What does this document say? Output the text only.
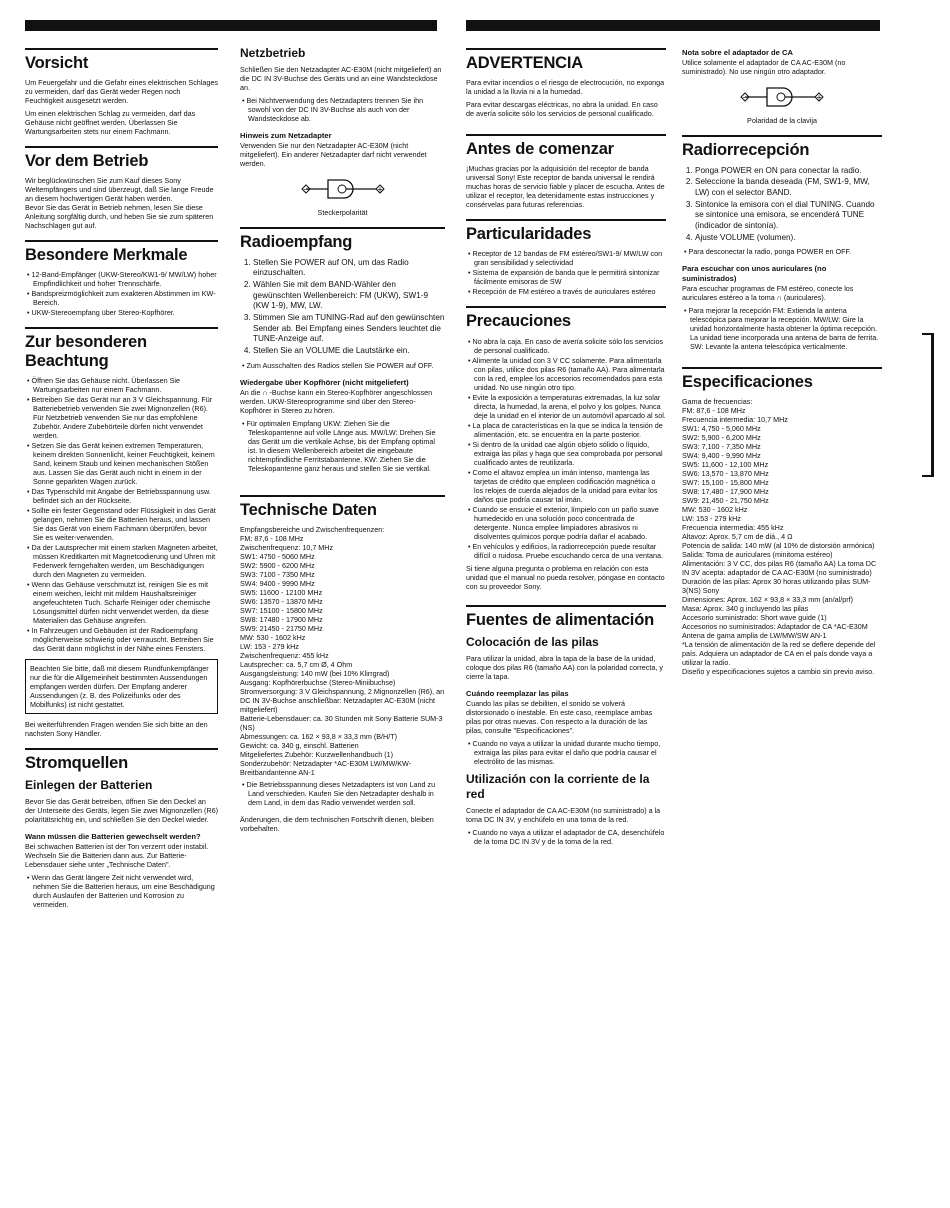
Vorsicht

Um Feuergefahr und die Gefahr eines elektrischen Schlages zu vermeiden, darf das Gerät weder Regen noch Feuchtigkeit ausgesetzt werden.

Um einen elektrischen Schlag zu vermeiden, darf das Gehäuse nicht geöffnet werden. Überlassen Sie Wartungsarbeiten stets nur einem Fachmann.

Vor dem Betrieb

Wir beglückwünschen Sie zum Kauf dieses Sony Weltempfängers und sind überzeugt, daß Sie lange Freude an diesem hochwertigen Gerät haben werden.

Bevor Sie das Gerät in Betrieb nehmen, lesen Sie diese Anleitung sorgfältig durch, und heben Sie sie zum späteren Nachschlagen gut auf.

Besondere Merkmale
• 12-Band-Empfänger (UKW-Stereo/KW1-9/ MW/LW) hoher Empfindlichkeit und hoher Trennschärfe.
• Bandspreizmöglichkeit zum exakteren Abstimmen im KW-Bereich.
• UKW-Stereoempfang über Stereo-Kopfhörer.
Zur besonderen Beachtung
• Öffnen Sie das Gehäuse nicht. Überlassen Sie Wartungsarbeiten nur einem Fachmann.
• Betreiben Sie das Gerät nur an 3 V Gleichspannung. Für Batteriebetrieb verwenden Sie zwei Mignonzellen (R6). Für Netzbetrieb verwenden Sie nur das empfohlene Zubehör. Andere Zubehörteile dürfen nicht verwendet werden.
• Setzen Sie das Gerät keinen extremen Temperaturen, keinem direkten Sonnenlicht, keiner Feuchtigkeit, keinem Sand, keinem Staub und keinen mechanischen Stößen aus. Lassen Sie das Gerät auch nicht in einem in der Sonne geparkten Wagen zurück.
• Das Typenschild mit Angabe der Betriebsspannung usw. befindet sich an der Rückseite.
• Sollte ein fester Gegenstand oder Flüssigkeit in das Gerät gelangen, nehmen Sie die Batterien heraus, und lassen Sie das Gerät von einem Fachmann überprüfen, bevor Sie es weiter-verwenden.
• Da der Lautsprecher mit einem starken Magneten arbeitet, müssen Kreditkarten mit Magnetcodierung und Uhren mit Federwerk ferngehalten werden, um Beschädigungen durch den Magneten zu vermeiden.
• Wenn das Gehäuse verschmutzt ist, reinigen Sie es mit einem weichen, leicht mit mildem Haushaltsreiniger angefeuchteten Tuch. Scharfe Reiniger oder chemische Lösungsmittel dürfen nicht verwendet werden, da diese Materialien das Gehäuse angreifen.
• In Fahrzeugen und Gebäuden ist der Radioempfang möglicherweise schwierig oder verrauscht. Betreiben Sie das Gerät dann möglichst in der Nähe eines Fensters.
Beachten Sie bitte, daß mit diesem Rundfunkempfänger nur die für die Allgemeinheit bestimmten Aussendungen empfangen werden dürfen. Der Empfang anderer Aussendungen (z. B. des Polizeifunks oder des Mobilfunks) ist nicht gestattet.

Bei weiterführenden Fragen wenden Sie sich bitte an den nachsten Sony Händler.

Stromquellen
Einlegen der Batterien

Bevor Sie das Gerät betreiben, öffnen Sie den Deckel an der Unterseite des Geräts, legen Sie zwei Mignonzellen (R6) polaritätsrichtig ein, und schließen Sie den Deckel wieder.

Wann müssen die Batterien gewechselt werden?

Bei schwachen Batterien ist der Ton verzerrt oder instabil. Wechseln Sie die Batterien dann aus. Zur Batterie-Lebensdauer siehe unter „Technische Daten".

• Wenn das Gerät längere Zeit nicht verwendet wird, nehmen Sie die Batterien heraus, um eine Beschädigung durch Auslaufen der Batterien und Korrosion zu vermeiden.
Netzbetrieb

Schließen Sie den Netzadapter AC-E30M (nicht mitgeliefert) an die DC IN 3V-Buchse des Geräts und an eine Wandsteckdose an.

• Bei Nichtverwendung des Netzadapters trennen Sie ihn sowohl von der DC IN 3V-Buchse als auch von der Wandsteckdose ab.
Hinweis zum Netzadapter

Verwenden Sie nur den Netzadapter AC-E30M (nicht mitgeliefert). Ein anderer Netzadapter darf nicht verwendet werden.

−	+
Steckerpolarität
Radioempfang
1. Stellen Sie POWER auf ON, um das Radio einzuschalten.
2. Wählen Sie mit dem BAND-Wähler den gewünschten Wellenbereich: FM (UKW), SW1-9 (KW 1-9), MW, LW.
3. Stimmen Sie am TUNING-Rad auf den gewünschten Sender ab. Bei Empfang eines Senders leuchtet die TUNE-Anzeige auf.
4. Stellen Sie an VOLUME die Lautstärke ein.
• Zum Ausschalten des Radios stellen Sie POWER auf OFF.
Wiedergabe über Kopfhörer (nicht mitgeliefert)

An die ∩ -Buchse kann ein Stereo-Kopfhörer angeschlossen werden. UKW-Stereoprogramme sind über den Stereo-Kopfhörer in Stereo zu hören.

• Für optimalen Empfang UKW: Ziehen Sie die Teleskopantenne auf volle Länge aus. MW/LW: Drehen Sie das Gerät um die vertikale Achse, bis der Empfang optimal ist. In diesem Wellenbereich arbeitet die eingebaute richtempfindliche Ferritstabantenne. KW: Ziehen Sie die Teleskopantenne ganz heraus und stellen Sie sie vertikal.
Technische Daten

Empfangsbereiche und Zwischenfrequenzen:

FM: 87,6 - 108 MHz

Zwischenfrequenz: 10,7 MHz

SW1: 4750 - 5060 MHz

SW2: 5900 - 6200 MHz

SW3: 7100 - 7350 MHz

SW4: 9400 - 9990 MHz

SW5: 11600 - 12100 MHz

SW6: 13570 - 13870 MHz

SW7: 15100 - 15800 MHz

SW8: 17480 - 17900 MHz

SW9: 21450 - 21750 MHz

MW: 530 - 1602 kHz

LW: 153 - 279 kHz

Zwischenfrequenz: 455 kHz

Lautsprecher: ca. 5,7 cm Ø, 4 Ohm

Ausgangsleistung: 140 mW (bei 10% Klirrgrad)

Ausgang: Kopfhörerbuchse (Stereo-Miniibuchse)

Stromversorgung: 3 V Gleichspannung, 2 Mignonzellen (R6), an DC IN 3V-Buchse anschließbar: Netzadapter AC-E30M (nicht mitgeliefert)

Batterie-Lebensdauer: ca. 30 Stunden mit Sony Batterie SUM-3 (NS)

Abmessungen: ca. 162 × 93,8 × 33,3 mm (B/H/T)

Gewicht: ca. 340 g, einschl. Batterien

Mitgeliefertes Zubehör: Kurzwellenhandbuch (1)

Sonderzubehör: Netzadapter *AC-E30M LW/MW/KW-Breitbandantenne AN-1

• Die Betriebsspannung dieses Netzadapters ist von Land zu Land verschieden. Kaufen Sie den Netzadapter deshalb in dem Land, in dem das Radio verwendet werden soll.

Änderungen, die dem technischen Fortschrift dienen, bleiben vorbehalten.

ADVERTENCIA

Para evitar incendios o el riesgo de electrocución, no exponga la unidad a la lluvia ni a la humedad.

Para evitar descargas eléctricas, no abra la unidad. En caso de avería solicite sólo los servicios de personal cualificado.

Antes de comenzar

¡Muchas gracias por la adquisición del receptor de banda universal Sony! Este receptor de banda universal le rendirá muchas horas de servicio fiable y placer de escucha. Antes de utilizar el receptor, lea detenidamente estas instrucciones y consérvelas para futuras referencias.

Particularidades
• Receptor de 12 bandas de FM estéreo/SW1-9/ MW/LW con gran sensibilidad y selectividad
• Sistema de expansión de banda que le permitirá sintonizar fácilmente emisoras de SW
• Recepción de FM estéreo a través de auriculares estéreo
Precauciones
• No abra la caja. En caso de avería solicite sólo los servicios de personal cualificado.
• Alimente la unidad con 3 V CC solamente. Para alimentarla con pilas, utilice dos pilas R6 (tamaño AA). Para alimentarla con la red, emplee los accesorios recomendados para esta unidad. No use ningún otro tipo.
• Evite la exposición a temperaturas extremadas, la luz solar directa, la humedad, la arena, el polvo y los golpes. Nunca deje la unidad en el interior de un automóvil aparcado al sol.
• La placa de características en la que se indica la tensión de alimentación, etc. se encuentra en la parte posterior.
• Si dentro de la unidad cae algún objeto sólido o líquido, extraiga las pilas y haga que sea comprobada por personal cualificado antes de reutilizarla.
• Como el altavoz emplea un imán intenso, mantenga las tarjetas de crédito que empleen codificación magnética o los relojes de cuerda alejados de la unidad para evitar los daños que podría causar tal imán.
• Cuando se ensucie el exterior, límpielo con un paño suave humedecido en una solución poco concentrada de detergente. Nunca emplee limpiadores abrasivos ni disolventes químicos porque podría dañar el acabado.
• En vehículos y edificios, la radiorrecepción puede resultar difícil o ruidosa. Pruebe escuchando cerca de una ventana.

Si tiene alguna pregunta o problema en relación con esta unidad que el manual no pueda resolver, póngase en contacto con su proveedor Sony.

Fuentes de alimentación
Colocación de las pilas

Para utilizar la unidad, abra la tapa de la base de la unidad, coloque dos pilas R6 (tamaño AA) con la polaridad correcta, y cierre la tapa.

Cuándo reemplazar las pilas

Cuando las pilas se debiliten, el sonido se volverá distorsionado o inestable. En este caso, reemplace ambas pilas por otras nuevas. Con respecto a la duración de las pilas, consulte "Especificaciones".

• Cuando no vaya a utilizar la unidad durante mucho tiempo, extraiga las pilas para evitar el daño que podría causar el electrólito de las mismas.
Utilización con la corriente de la red

Conecte el adaptador de CA AC-E30M (no suministrado) a la toma DC IN 3V, y enchúfelo en una toma de la red.

• Cuando no vaya a utilizar el adaptador de CA, desenchúfelo de la toma DC IN 3V y de la toma de la red.
Nota sobre el adaptador de CA

Utilice solamente el adaptador de CA AC-E30M (no suministrado). No use ningún otro adaptador.

−	+
Polaridad de la clavija
Radiorrecepción
1. Ponga POWER en ON para conectar la radio.
2. Seleccione la banda deseada (FM, SW1-9, MW, LW) con el selector BAND.
3. Sintonice la emisora con el dial TUNING. Cuando se sintonice una emisora, se encenderá TUNE (indicador de sintonía).
4. Ajuste VOLUME (volumen).
• Para desconectar la radio, ponga POWER en OFF.
Para escuchar con unos auriculares (no suministrados)

Para escuchar programas de FM estéreo, conecte los auriculares estéreo a la toma ∩ (auriculares).

• Para mejorar la recepción FM: Extienda la antena telescópica para mejorar la recepción. MW/LW: Gire la unidad horizontalmente hasta obtener la óptima recepción. La unidad tiene incorporada una antena de barra de ferrita. SW: Levante la antena telescópica verticalmente.
Especificaciones

Gama de frecuencias:

FM: 87,6 - 108 MHz

Frecuencia intermedia: 10,7 MHz

SW1: 4,750 - 5,060 MHz

SW2: 5,900 - 6,200 MHz

SW3: 7,100 - 7,350 MHz

SW4: 9,400 - 9,990 MHz

SW5: 11,600 - 12,100 MHz

SW6: 13,570 - 13,870 MHz

SW7: 15,100 - 15,800 MHz

SW8: 17,480 - 17,900 MHz

SW9: 21,450 - 21,750 MHz

MW: 530 - 1602 kHz

LW: 153 - 279 kHz

Frecuencia intermedia: 455 kHz

Altavoz: Aprox. 5,7 cm de diá., 4 Ω

Potencia de salida: 140 mW (al 10% de distorsión armónica)

Salida: Toma de auriculares (minitoma estéreo)

Alimentación: 3 V CC, dos pilas R6 (tamaño AA) La toma DC IN 3V acepta: adaptador de CA AC-E30M (no suministrado)

Duración de las pilas: Aprox 30 horas utilizando pilas SUM-3(NS) Sony

Dimensiones: Aprox. 162 × 93,8 × 33,3 mm (an/al/prf)

Masa: Aprox. 340 g incluyendo las pilas

Accesorio suministrado: Short wave guide (1)

Accesorios no suministrados: Adaptador de CA *AC-E30M Antena de gama amplia de LW/MW/SW AN-1

*La tensión de alimentación de la red se deflere depende del país. Adquiera un adaptador de CA en el país donde vaya a utilizar la radio.

Diseño y especificaciones sujetos a cambio sin previo aviso.
